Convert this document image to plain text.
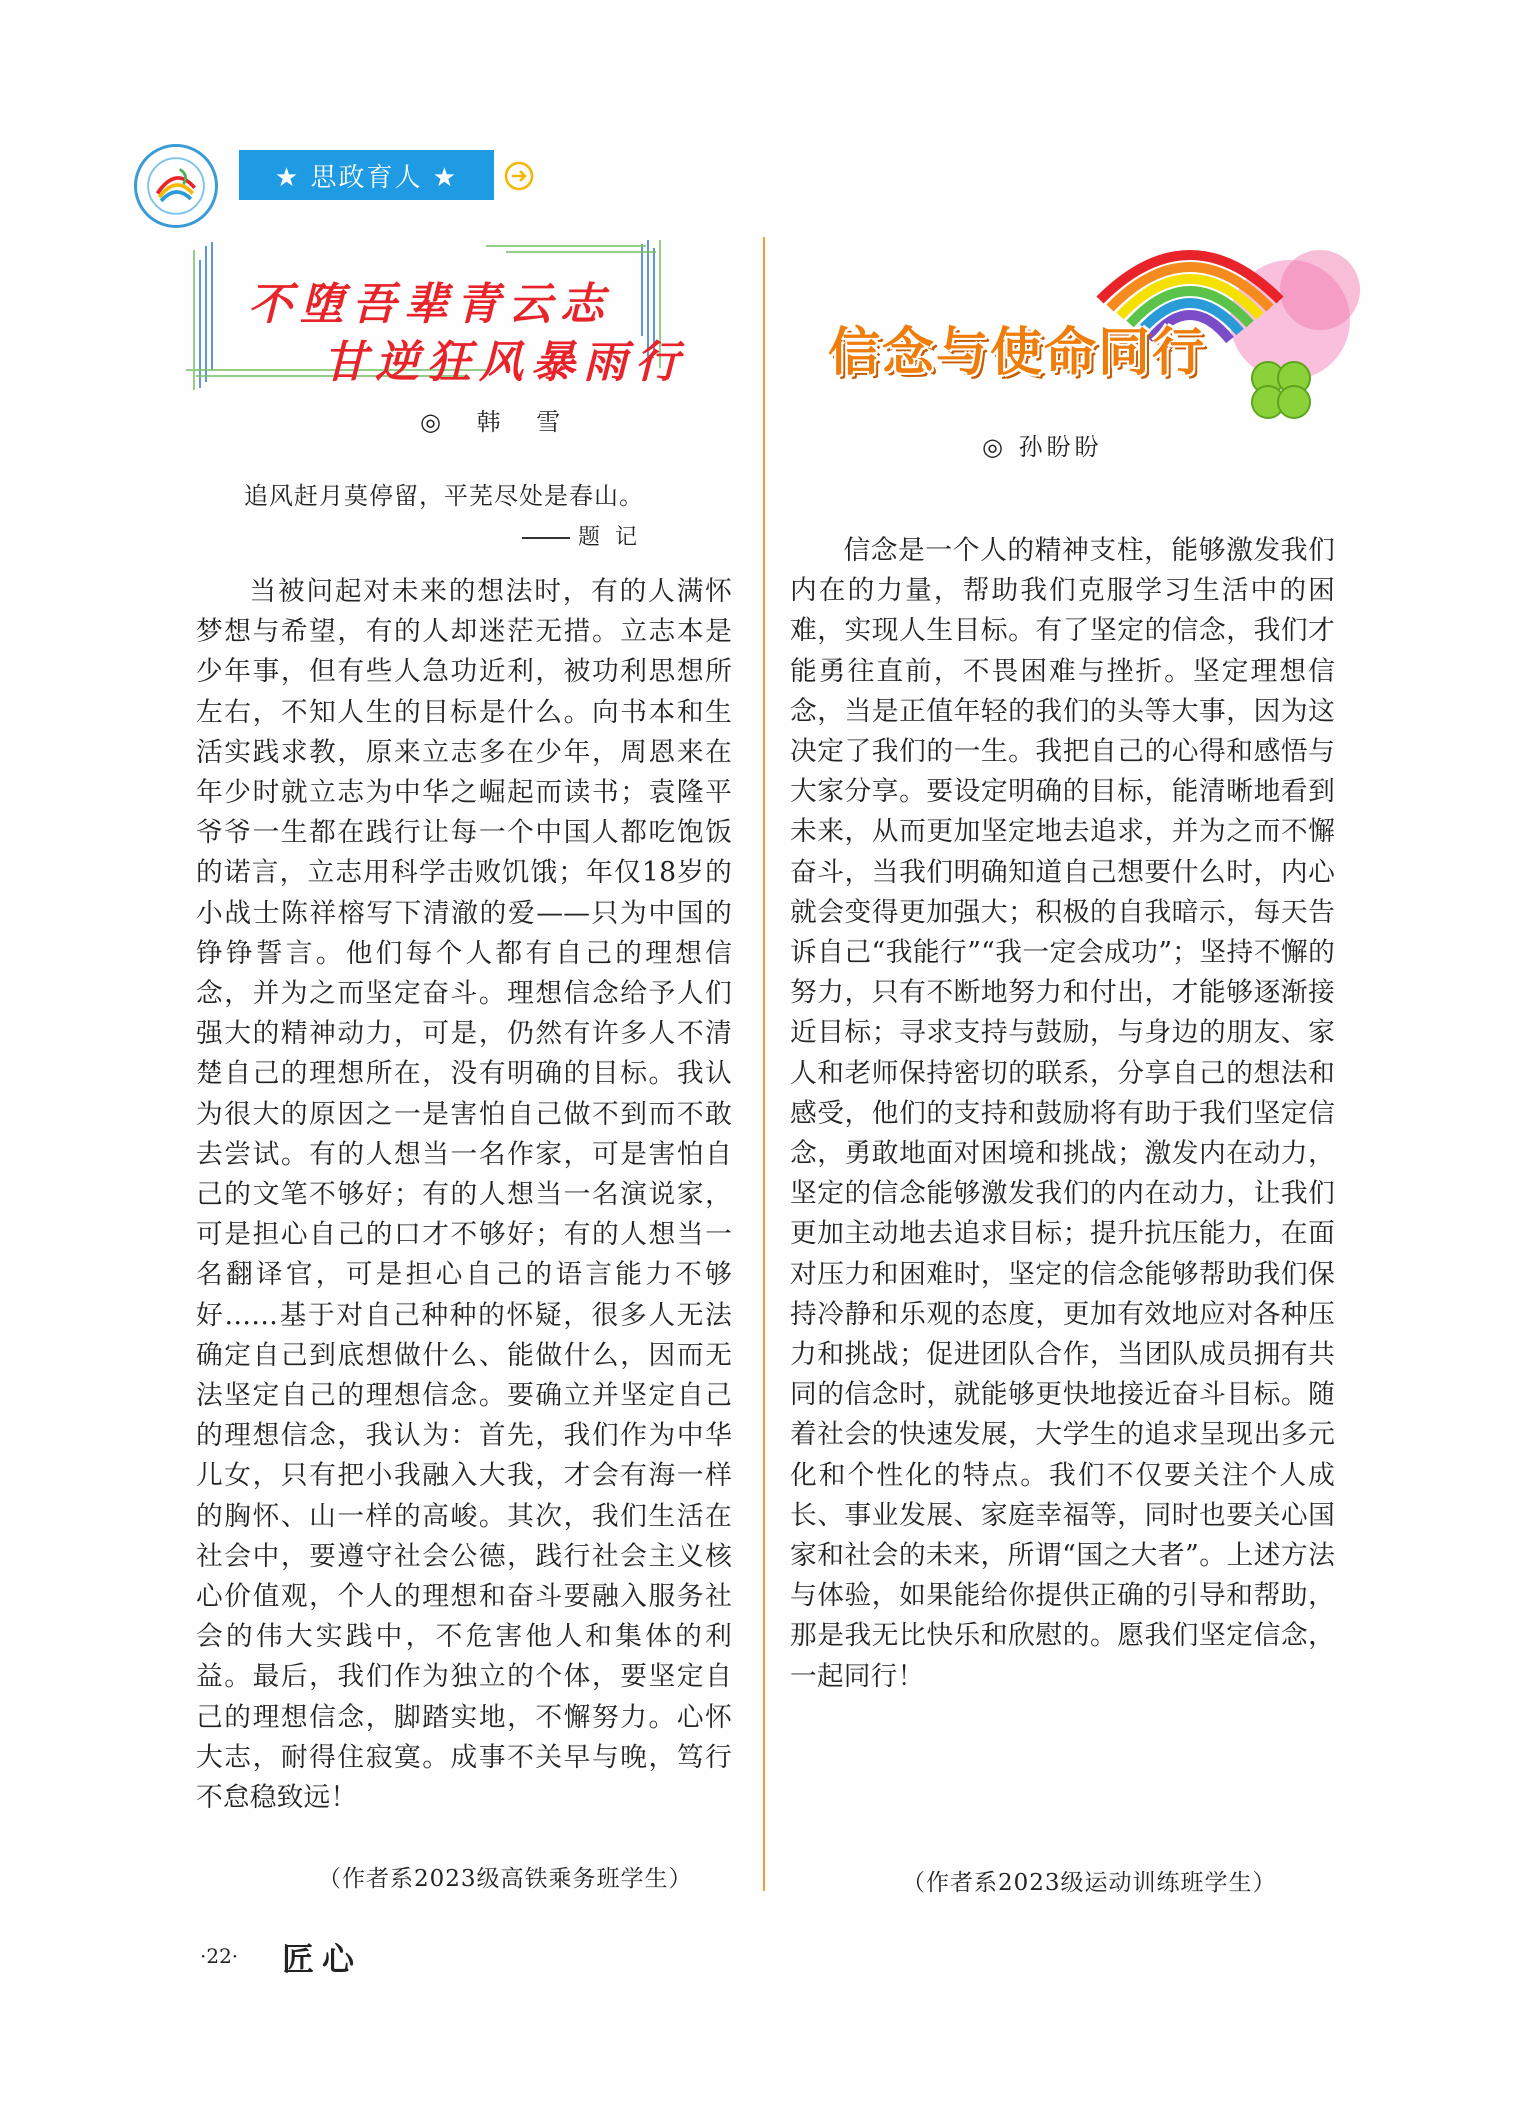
★ 思政育人 ★
不堕吾辈青云志
甘逆狂风暴雨行
◎ 韩 雪
追风赶月莫停留，平芜尽处是春山。
题 记

当被问起对未来的想法时，有的人满怀梦想与希望，有的人却迷茫无措。立志本是少年事，但有些人急功近利，被功利思想所左右，不知人生的目标是什么。向书本和生活实践求教，原来立志多在少年，周恩来在年少时就立志为中华之崛起而读书；袁隆平爷爷一生都在践行让每一个中国人都吃饱饭的诺言，立志用科学击败饥饿；年仅18岁的小战士陈祥榕写下清澈的爱——只为中国的铮铮誓言。他们每个人都有自己的理想信念，并为之而坚定奋斗。理想信念给予人们强大的精神动力，可是，仍然有许多人不清楚自己的理想所在，没有明确的目标。我认为很大的原因之一是害怕自己做不到而不敢去尝试。有的人想当一名作家，可是害怕自己的文笔不够好；有的人想当一名演说家，可是担心自己的口才不够好；有的人想当一名翻译官，可是担心自己的语言能力不够好……基于对自己种种的怀疑，很多人无法确定自己到底想做什么、能做什么，因而无法坚定自己的理想信念。要确立并坚定自己的理想信念，我认为：首先，我们作为中华儿女，只有把小我融入大我，才会有海一样的胸怀、山一样的高峻。其次，我们生活在社会中，要遵守社会公德，践行社会主义核心价值观，个人的理想和奋斗要融入服务社会的伟大实践中，不危害他人和集体的利益。最后，我们作为独立的个体，要坚定自己的理想信念，脚踏实地，不懈努力。心怀大志，耐得住寂寞。成事不关早与晚，笃行不怠稳致远！

（作者系2023级高铁乘务班学生）
信念与使命同行
◎ 孙盼盼

信念是一个人的精神支柱，能够激发我们内在的力量，帮助我们克服学习生活中的困难，实现人生目标。有了坚定的信念，我们才能勇往直前，不畏困难与挫折。坚定理想信念，当是正值年轻的我们的头等大事，因为这决定了我们的一生。我把自己的心得和感悟与大家分享。要设定明确的目标，能清晰地看到未来，从而更加坚定地去追求，并为之而不懈奋斗，当我们明确知道自己想要什么时，内心就会变得更加强大；积极的自我暗示，每天告诉自己“我能行”“我一定会成功”；坚持不懈的努力，只有不断地努力和付出，才能够逐渐接近目标；寻求支持与鼓励，与身边的朋友、家人和老师保持密切的联系，分享自己的想法和感受，他们的支持和鼓励将有助于我们坚定信念，勇敢地面对困境和挑战；激发内在动力，坚定的信念能够激发我们的内在动力，让我们更加主动地去追求目标；提升抗压能力，在面对压力和困难时，坚定的信念能够帮助我们保持冷静和乐观的态度，更加有效地应对各种压力和挑战；促进团队合作，当团队成员拥有共同的信念时，就能够更快地接近奋斗目标。随着社会的快速发展，大学生的追求呈现出多元化和个性化的特点。我们不仅要关注个人成长、事业发展、家庭幸福等，同时也要关心国家和社会的未来，所谓“国之大者”。上述方法与体验，如果能给你提供正确的引导和帮助，那是我无比快乐和欣慰的。愿我们坚定信念，一起同行！

（作者系2023级运动训练班学生）
·22· 匠心
